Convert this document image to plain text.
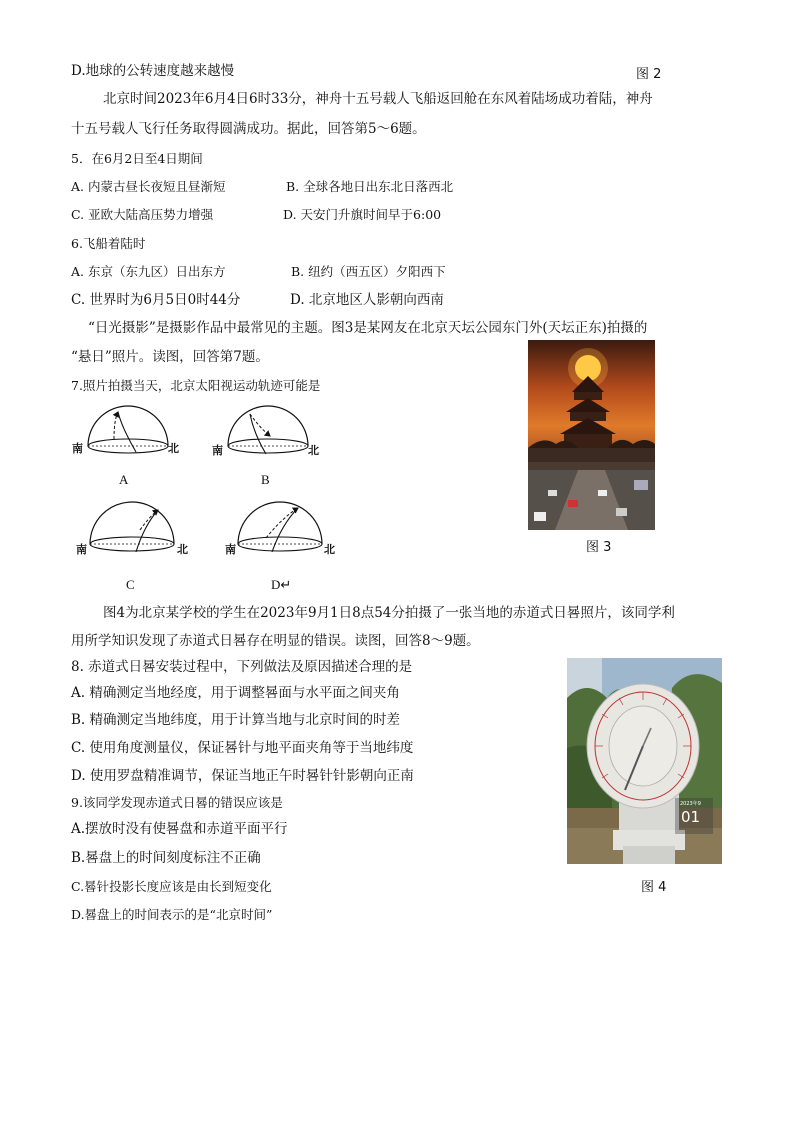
D.地球的公转速度越来越慢	图 2
北京时间2023年6月4日6时33分，神舟十五号载人飞船返回舱在东风着陆场成功着陆，神舟
十五号载人飞行任务取得圆满成功。据此，回答第5～6题。
5．在6月2日至4日期间
A. 内蒙古昼长夜短且昼渐短	B. 全球各地日出东北日落西北
C. 亚欧大陆高压势力增强	D. 天安门升旗时间早于6:00
6.飞船着陆时
A. 东京（东九区）日出东方	B. 纽约（西五区）夕阳西下
C. 世界时为6月5日0时44分	D. 北京地区人影朝向西南
“日光摄影”是摄影作品中最常见的主题。图3是某网友在北京天坛公园东门外(天坛正东)拍摄的
“悬日”照片。读图，回答第7题。
7.照片拍摄当天，北京太阳视运动轨迹可能是
南	北	南	北
南	北	南	北
A	B
C	D↵
图 3
图4为北京某学校的学生在2023年9月1日8点54分拍摄了一张当地的赤道式日晷照片，该同学利
用所学知识发现了赤道式日晷存在明显的错误。读图，回答8～9题。
8. 赤道式日晷安装过程中，下列做法及原因描述合理的是
A. 精确测定当地经度，用于调整晷面与水平面之间夹角
B. 精确测定当地纬度，用于计算当地与北京时间的时差
C. 使用角度测量仪，保证晷针与地平面夹角等于当地纬度
D. 使用罗盘精准调节，保证当地正午时晷针针影朝向正南
9.该同学发现赤道式日晷的错误应该是
A.摆放时没有使晷盘和赤道平面平行
B.晷盘上的时间刻度标注不正确
C.晷针投影长度应该是由长到短变化
D.晷盘上的时间表示的是“北京时间”
2023年9
01
图 4
